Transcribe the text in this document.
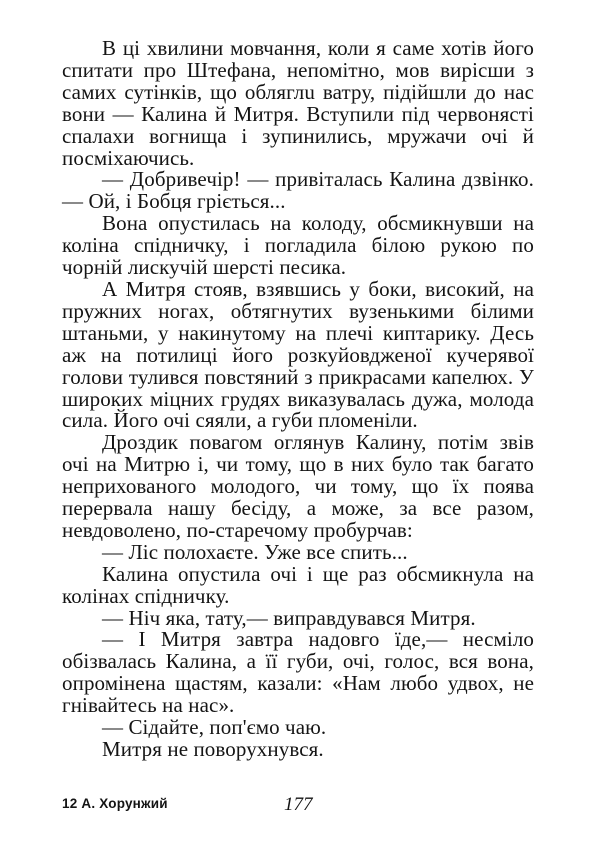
В ці хвилини мовчання, коли я саме хотів його спитати про Штефана, непомітно, мов вирісши з самих сутінків, що обляглu ватру, підійшли до нас вони — Калина й Митря. Вступили під червонясті спалахи вогнища і зупинились, мружачи очі й посміхаючись.

— Добривечір! — привіталась Калина дзвінко.— Ой, і Бобця гріється...

Вона опустилась на колоду, обсмикнувши на коліна спідничку, і погладила білою рукою по чорній лискучій шерсті песика.

А Митря стояв, взявшись у боки, високий, на пружних ногах, обтягнутих вузенькими білими штаньми, у накинутому на плечі киптарику. Десь аж на потилиці його розкуйовдженої кучерявої голови тулився повстяний з прикрасами капелюх. У широких міцних грудях виказувалась дужа, молода сила. Його очі сяяли, а губи пломеніли.

Дроздик повагом оглянув Калину, потім звів очі на Митрю і, чи тому, що в них було так багато неприхованого молодого, чи тому, що їх поява перервала нашу бесіду, а може, за все разом, невдоволено, по-старечому пробурчав:

— Ліс полохаєте. Уже все спить...

Калина опустила очі і ще раз обсмикнула на колінах спідничку.

— Ніч яка, тату,— виправдувався Митря.

— І Митря завтра надовго їде,— несміло обізвалась Калина, а її губи, очі, голос, вся вона, опромінена щастям, казали: «Нам любо удвох, не гнівайтесь на нас».

— Сідайте, поп'ємо чаю.

Митря не поворухнувся.

12 А. Хорунжий	177
